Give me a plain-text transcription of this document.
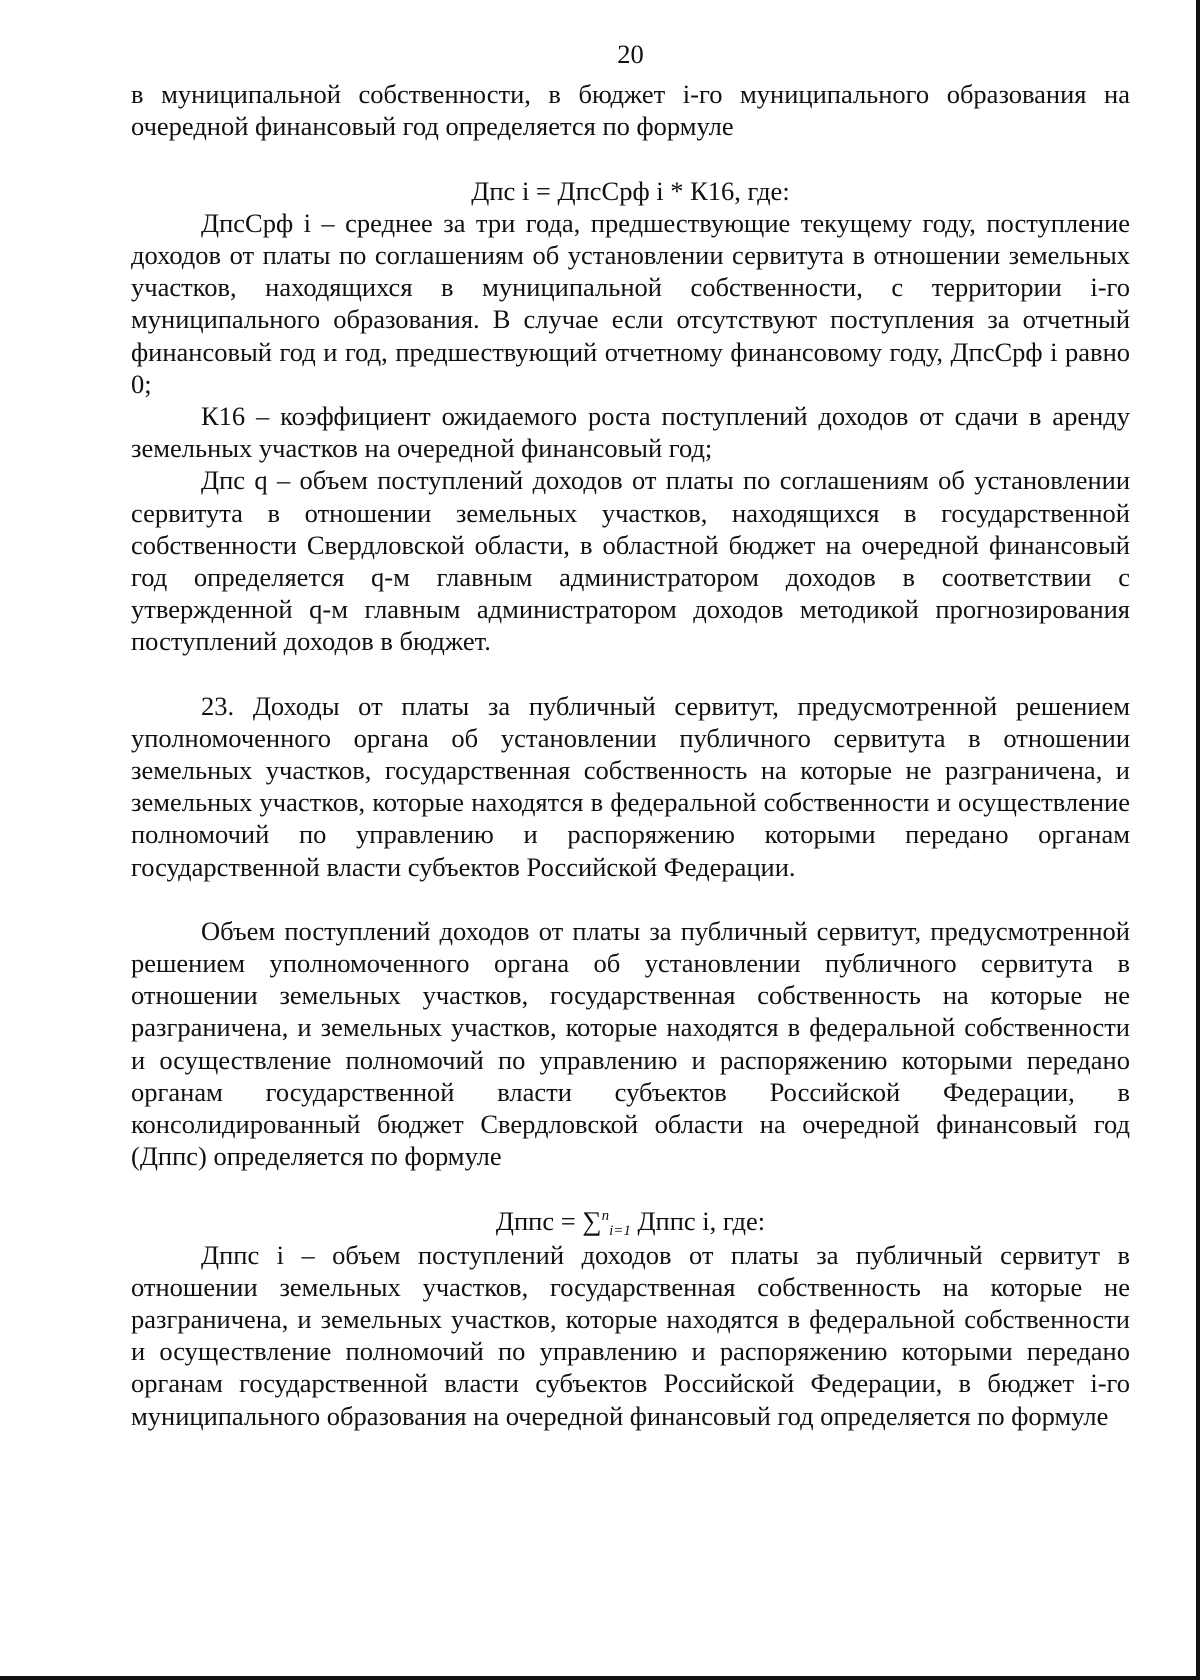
20

в муниципальной собственности, в бюджет i-го муниципального образования на очередной финансовый год определяется по формуле

Дпс i = ДпсСрф i * К16, где:

ДпсСрф i – среднее за три года, предшествующие текущему году, поступление доходов от платы по соглашениям об установлении сервитута в отношении земельных участков, находящихся в муниципальной собственности, с территории i-го муниципального образования. В случае если отсутствуют поступления за отчетный финансовый год и год, предшествующий отчетному финансовому году, ДпсСрф i равно 0;

К16 – коэффициент ожидаемого роста поступлений доходов от сдачи в аренду земельных участков на очередной финансовый год;

Дпс q – объем поступлений доходов от платы по соглашениям об установлении сервитута в отношении земельных участков, находящихся в государственной собственности Свердловской области, в областной бюджет на очередной финансовый год определяется q-м главным администратором доходов в соответствии с утвержденной q-м главным администратором доходов методикой прогнозирования поступлений доходов в бюджет.

23. Доходы от платы за публичный сервитут, предусмотренной решением уполномоченного органа об установлении публичного сервитута в отношении земельных участков, государственная собственность на которые не разграничена, и земельных участков, которые находятся в федеральной собственности и осуществление полномочий по управлению и распоряжению которыми передано органам государственной власти субъектов Российской Федерации.

Объем поступлений доходов от платы за публичный сервитут, предусмотренной решением уполномоченного органа об установлении публичного сервитута в отношении земельных участков, государственная собственность на которые не разграничена, и земельных участков, которые находятся в федеральной собственности и осуществление полномочий по управлению и распоряжению которыми передано органам государственной власти субъектов Российской Федерации, в консолидированный бюджет Свердловской области на очередной финансовый год (Дппс) определяется по формуле

Дппс = ∑$^n_{i=1}$ Дппс i, где:

Дппс i – объем поступлений доходов от платы за публичный сервитут в отношении земельных участков, государственная собственность на которые не разграничена, и земельных участков, которые находятся в федеральной собственности и осуществление полномочий по управлению и распоряжению которыми передано органам государственной власти субъектов Российской Федерации, в бюджет i-го муниципального образования на очередной финансовый год определяется по формуле
